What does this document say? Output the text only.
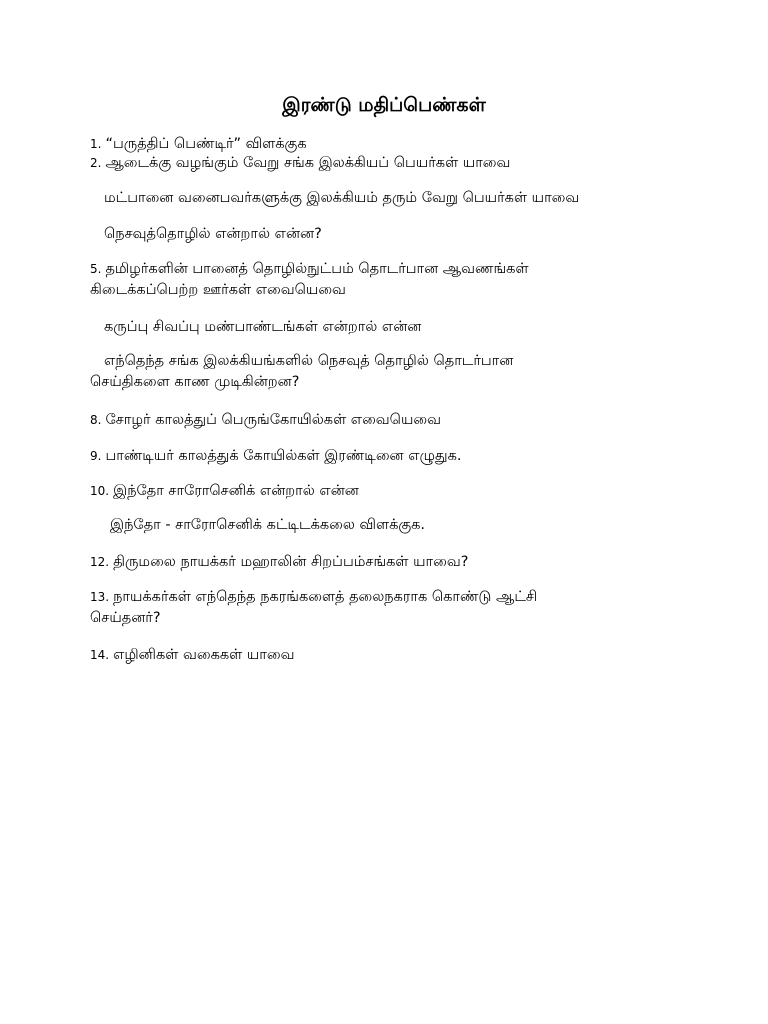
இரண்டு மதிப்பெண்கள்
1. “பருத்திப் பெண்டிர்” விளக்குக
2. ஆடைக்கு வழங்கும் வேறு சங்க இலக்கியப் பெயர்கள் யாவை
மட்பானை வனைபவர்களுக்கு இலக்கியம் தரும் வேறு பெயர்கள் யாவை
நெசவுத்தொழில் என்றால் என்ன?
5. தமிழர்களின் பானைத் தொழில்நுட்பம் தொடர்பான ஆவணங்கள்
கிடைக்கப்பெற்ற ஊர்கள் எவையெவை
கருப்பு சிவப்பு மண்பாண்டங்கள் என்றால் என்ன
எந்தெந்த சங்க இலக்கியங்களில் நெசவுத் தொழில் தொடர்பான
செய்திகளை காண முடிகின்றன?
8. சோழர் காலத்துப் பெருங்கோயில்கள் எவையெவை
9. பாண்டியர் காலத்துக் கோயில்கள் இரண்டினை எழுதுக.
10. இந்தோ சாரோசெனிக் என்றால் என்ன
இந்தோ - சாரோசெனிக் கட்டிடக்கலை விளக்குக.
12. திருமலை நாயக்கர் மஹாலின் சிறப்பம்சங்கள் யாவை?
13. நாயக்கர்கள் எந்தெந்த நகரங்களைத் தலைநகராக கொண்டு ஆட்சி
செய்தனர்?
14. எழினிகள் வகைகள் யாவை
